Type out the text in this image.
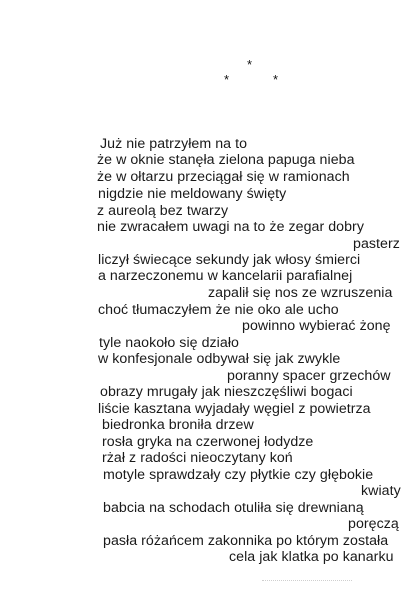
*
*	*
Już nie patrzyłem na to
że w oknie stanęła zielona papuga nieba
że w ołtarzu przeciągał się w ramionach
nigdzie nie meldowany święty
z aureolą bez twarzy
nie zwracałem uwagi na to że zegar dobry
pasterz
liczył świecące sekundy jak włosy śmierci
a narzeczonemu w kancelarii parafialnej
zapalił się nos ze wzruszenia
choć tłumaczyłem że nie oko ale ucho
powinno wybierać żonę
tyle naokoło się działo
w konfesjonale odbywał się jak zwykle
poranny spacer grzechów
obrazy mrugały jak nieszczęśliwi bogaci
liście kasztana wyjadały węgiel z powietrza
biedronka broniła drzew
rosła gryka na czerwonej łodydze
rżał z radości nieoczytany koń
motyle sprawdzały czy płytkie czy głębokie
kwiaty
babcia na schodach otuliła się drewnianą
poręczą
pasła różańcem zakonnika po którym została
cela jak klatka po kanarku
